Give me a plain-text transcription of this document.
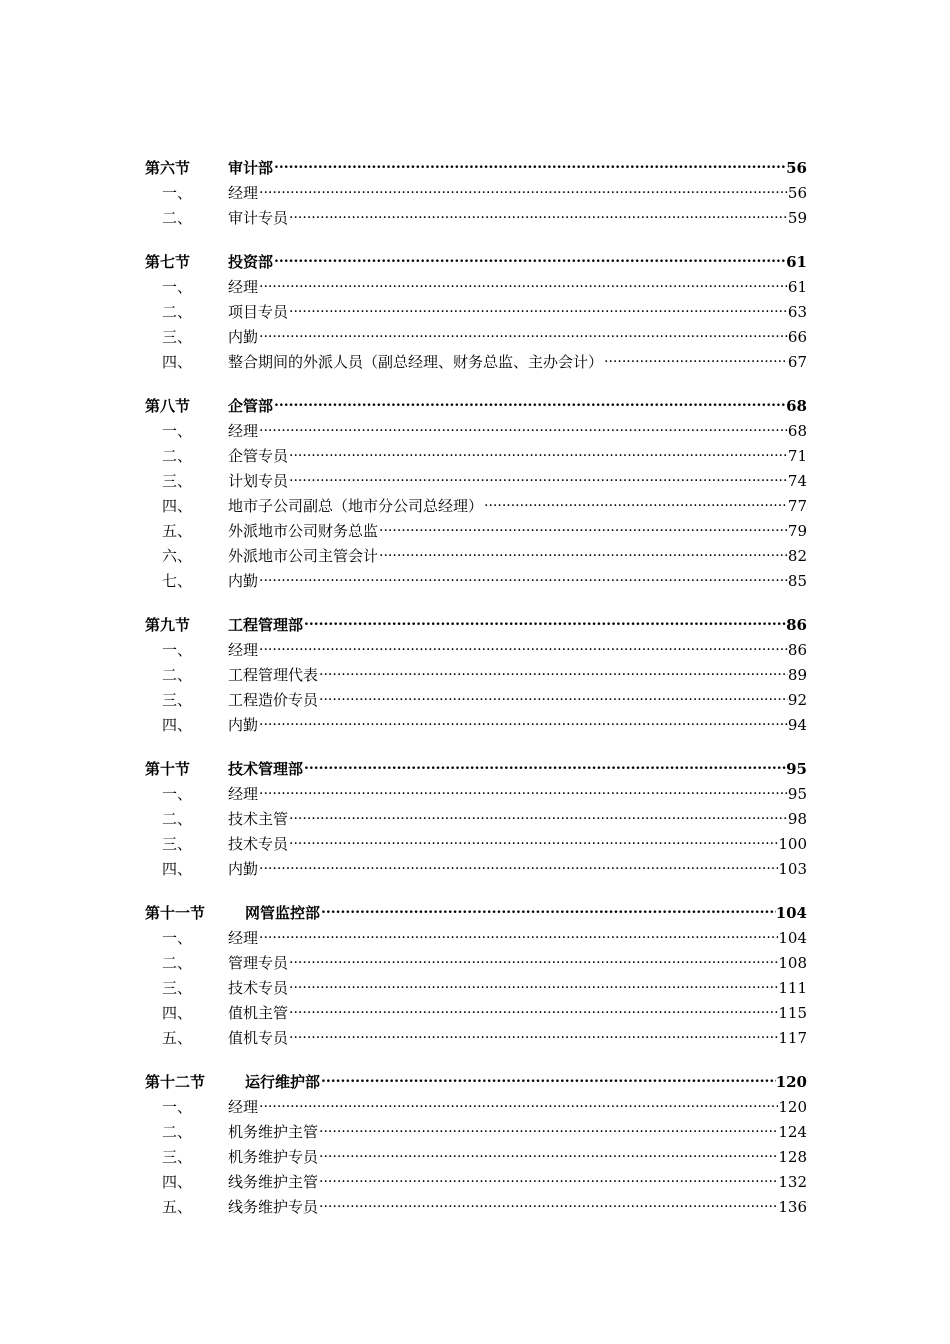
第六节	审计部 .....	56
一、	经理 .....	56
二、	审计专员 .....	59
第七节	投资部 .....	61
一、	经理 .....	61
二、	项目专员 .....	63
三、	内勤 .....	66
四、	整合期间的外派人员（副总经理、财务总监、主办会计） .....	67
第八节	企管部 .....	68
一、	经理 .....	68
二、	企管专员 .....	71
三、	计划专员 .....	74
四、	地市子公司副总（地市分公司总经理） .....	77
五、	外派地市公司财务总监 .....	79
六、	外派地市公司主管会计 .....	82
七、	内勤 .....	85
第九节	工程管理部 .....	86
一、	经理 .....	86
二、	工程管理代表 .....	89
三、	工程造价专员 .....	92
四、	内勤 .....	94
第十节	技术管理部 .....	95
一、	经理 .....	95
二、	技术主管 .....	98
三、	技术专员 .....	100
四、	内勤 .....	103
第十一节	网管监控部 .....	104
一、	经理 .....	104
二、	管理专员 .....	108
三、	技术专员 .....	111
四、	值机主管 .....	115
五、	值机专员 .....	117
第十二节	运行维护部 .....	120
一、	经理 .....	120
二、	机务维护主管 .....	124
三、	机务维护专员 .....	128
四、	线务维护主管 .....	132
五、	线务维护专员 .....	136
